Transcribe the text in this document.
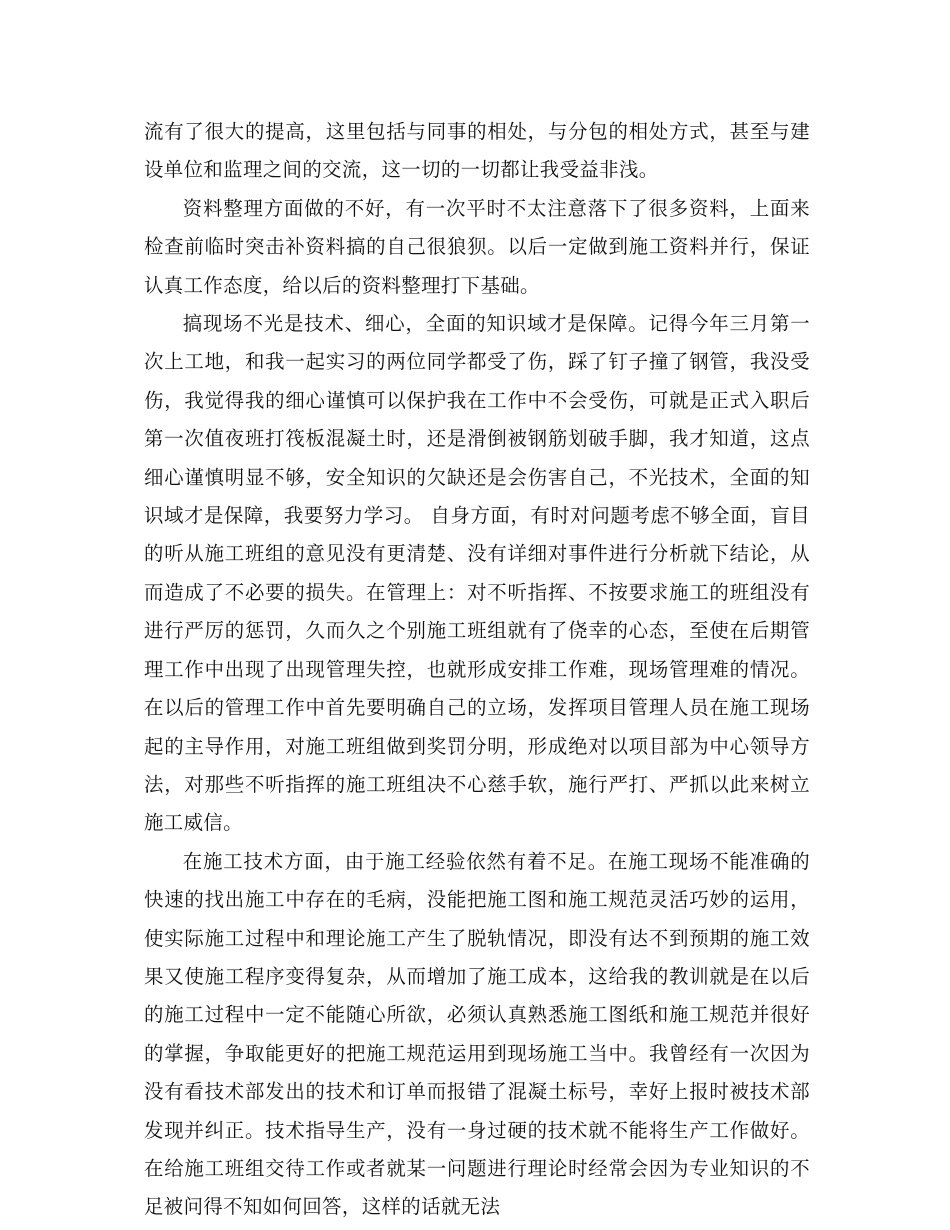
流有了很大的提高，这里包括与同事的相处，与分包的相处方式，甚至与建设单位和监理之间的交流，这一切的一切都让我受益非浅。

资料整理方面做的不好，有一次平时不太注意落下了很多资料，上面来检查前临时突击补资料搞的自己很狼狈。以后一定做到施工资料并行，保证认真工作态度，给以后的资料整理打下基础。

搞现场不光是技术、细心，全面的知识域才是保障。记得今年三月第一次上工地，和我一起实习的两位同学都受了伤，踩了钉子撞了钢管，我没受伤，我觉得我的细心谨慎可以保护我在工作中不会受伤，可就是正式入职后第一次值夜班打筏板混凝土时，还是滑倒被钢筋划破手脚，我才知道，这点细心谨慎明显不够，安全知识的欠缺还是会伤害自己，不光技术，全面的知识域才是保障，我要努力学习。 自身方面，有时对问题考虑不够全面，盲目的听从施工班组的意见没有更清楚、没有详细对事件进行分析就下结论，从而造成了不必要的损失。在管理上：对不听指挥、不按要求施工的班组没有进行严厉的惩罚，久而久之个别施工班组就有了侥幸的心态，至使在后期管理工作中出现了出现管理失控，也就形成安排工作难，现场管理难的情况。在以后的管理工作中首先要明确自己的立场，发挥项目管理人员在施工现场起的主导作用，对施工班组做到奖罚分明，形成绝对以项目部为中心领导方法，对那些不听指挥的施工班组决不心慈手软，施行严打、严抓以此来树立施工威信。

在施工技术方面，由于施工经验依然有着不足。在施工现场不能准确的快速的找出施工中存在的毛病，没能把施工图和施工规范灵活巧妙的运用，使实际施工过程中和理论施工产生了脱轨情况，即没有达不到预期的施工效果又使施工程序变得复杂，从而增加了施工成本，这给我的教训就是在以后的施工过程中一定不能随心所欲，必须认真熟悉施工图纸和施工规范并很好的掌握，争取能更好的把施工规范运用到现场施工当中。我曾经有一次因为没有看技术部发出的技术和订单而报错了混凝土标号，幸好上报时被技术部发现并纠正。技术指导生产，没有一身过硬的技术就不能将生产工作做好。在给施工班组交待工作或者就某一问题进行理论时经常会因为专业知识的不足被问得不知如何回答，这样的话就无法
